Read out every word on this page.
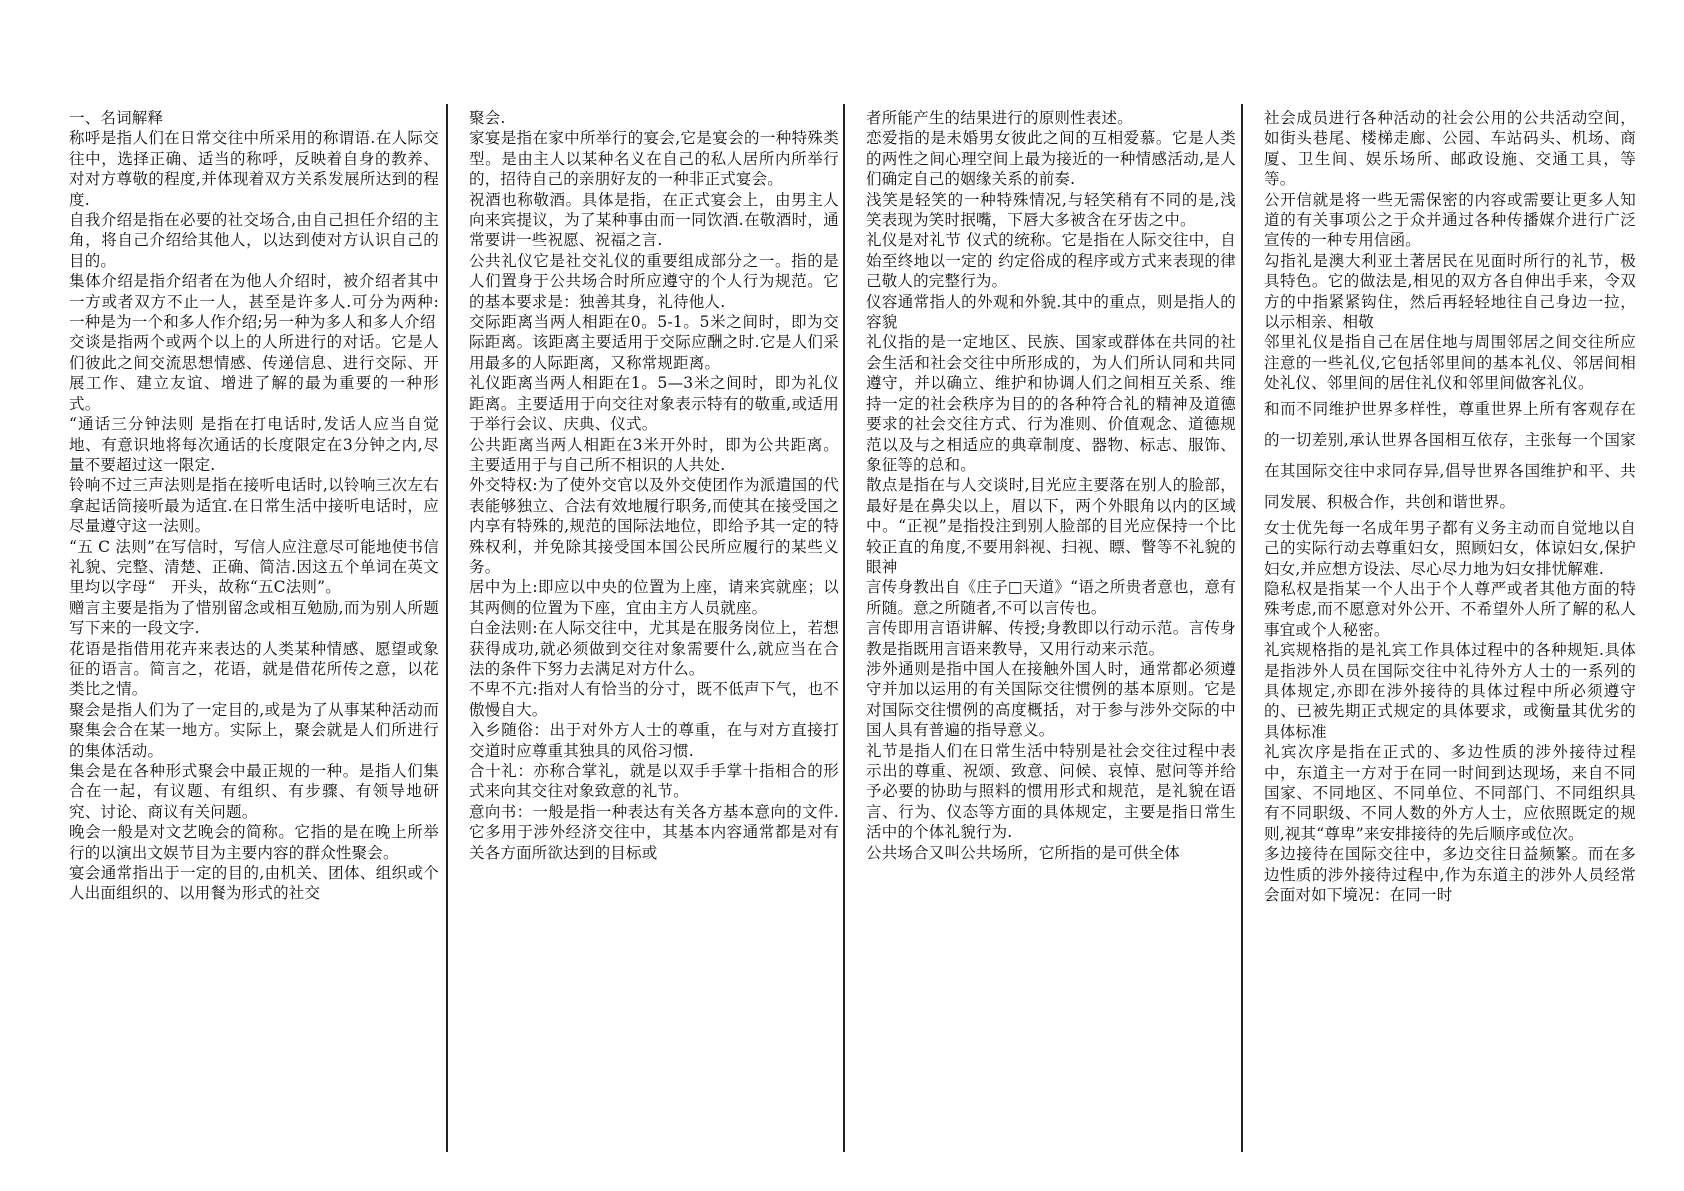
一、名词解释

称呼是指人们在日常交往中所采用的称谓语.在人际交往中，选择正确、适当的称呼，反映着自身的教养、对对方尊敬的程度,并体现着双方关系发展所达到的程度.

自我介绍是指在必要的社交场合,由自己担任介绍的主角，将自己介绍给其他人，以达到使对方认识自己的目的。

集体介绍是指介绍者在为他人介绍时，被介绍者其中一方或者双方不止一人，甚至是许多人.可分为两种:一种是为一个和多人作介绍;另一种为多人和多人介绍

交谈是指两个或两个以上的人所进行的对话。它是人们彼此之间交流思想情感、传递信息、进行交际、开展工作、建立友谊、增进了解的最为重要的一种形式。

“通话三分钟法则 是指在打电话时,发话人应当自觉地、有意识地将每次通话的长度限定在3分钟之内,尽量不要超过这一限定.

铃响不过三声法则是指在接听电话时,以铃响三次左右拿起话筒接听最为适宜.在日常生活中接听电话时，应尽量遵守这一法则。

“五 C 法则”在写信时，写信人应注意尽可能地使书信礼貌、完整、清楚、正确、简洁.因这五个单词在英文里均以字母“　开头，故称“五C法则”。

赠言主要是指为了惜别留念或相互勉励,而为别人所题写下来的一段文字.

花语是指借用花卉来表达的人类某种情感、愿望或象征的语言。简言之，花语，就是借花所传之意，以花类比之情。

聚会是指人们为了一定目的,或是为了从事某种活动而聚集会合在某一地方。实际上，聚会就是人们所进行的集体活动。

集会是在各种形式聚会中最正规的一种。是指人们集合在一起，有议题、有组织、有步骤、有领导地研究、讨论、商议有关问题。

晚会一般是对文艺晚会的简称。它指的是在晚上所举行的以演出文娱节目为主要内容的群众性聚会。

宴会通常指出于一定的目的,由机关、团体、组织或个人出面组织的、以用餐为形式的社交

聚会.

家宴是指在家中所举行的宴会,它是宴会的一种特殊类型。是由主人以某种名义在自己的私人居所内所举行的，招待自己的亲朋好友的一种非正式宴会。

祝酒也称敬酒。具体是指，在正式宴会上，由男主人向来宾提议，为了某种事由而一同饮酒.在敬酒时，通常要讲一些祝愿、祝福之言.

公共礼仪它是社交礼仪的重要组成部分之一。指的是人们置身于公共场合时所应遵守的个人行为规范。它的基本要求是：独善其身，礼待他人.

交际距离当两人相距在0。5-1。5米之间时，即为交际距离。该距离主要适用于交际应酬之时.它是人们采用最多的人际距离，又称常规距离。

礼仪距离当两人相距在1。5—3米之间时，即为礼仪距离。主要适用于向交往对象表示特有的敬重,或适用于举行会议、庆典、仪式。

公共距离当两人相距在3米开外时，即为公共距离。主要适用于与自己所不相识的人共处.

外交特权:为了使外交官以及外交使团作为派遣国的代表能够独立、合法有效地履行职务,而使其在接受国之内享有特殊的,规范的国际法地位，即给予其一定的特殊权利，并免除其接受国本国公民所应履行的某些义务。

居中为上:即应以中央的位置为上座，请来宾就座；以其两侧的位置为下座，宜由主方人员就座。

白金法则:在人际交往中，尤其是在服务岗位上，若想获得成功,就必须做到交往对象需要什么,就应当在合法的条件下努力去满足对方什么。

不卑不亢:指对人有恰当的分寸，既不低声下气，也不傲慢自大。

入乡随俗：出于对外方人士的尊重，在与对方直接打交道时应尊重其独具的风俗习惯.

合十礼：亦称合掌礼，就是以双手手掌十指相合的形式来向其交往对象致意的礼节。

意向书：一般是指一种表达有关各方基本意向的文件.它多用于涉外经济交往中，其基本内容通常都是对有关各方面所欲达到的目标或

者所能产生的结果进行的原则性表述。

恋爱指的是未婚男女彼此之间的互相爱慕。它是人类的两性之间心理空间上最为接近的一种情感活动,是人们确定自己的姻缘关系的前奏.

浅笑是轻笑的一种特殊情况,与轻笑稍有不同的是,浅笑表现为笑时抿嘴，下唇大多被含在牙齿之中。

礼仪是对礼节 仪式的统称。它是指在人际交往中，自始至终地以一定的 约定俗成的程序或方式来表现的律己敬人的完整行为。

仪容通常指人的外观和外貌.其中的重点，则是指人的容貌

礼仪指的是一定地区、民族、国家或群体在共同的社会生活和社会交往中所形成的，为人们所认同和共同遵守，并以确立、维护和协调人们之间相互关系、维持一定的社会秩序为目的的各种符合礼的精神及道德要求的社会交往方式、行为准则、价值观念、道德规范以及与之相适应的典章制度、器物、标志、服饰、象征等的总和。

散点是指在与人交谈时,目光应主要落在别人的脸部，最好是在鼻尖以上，眉以下，两个外眼角以内的区域中。“正视”是指投注到别人脸部的目光应保持一个比较正直的角度,不要用斜视、扫视、瞟、瞥等不礼貌的眼神

言传身教出自《庄子□天道》“语之所贵者意也，意有所随。意之所随者,不可以言传也。

言传即用言语讲解、传授;身教即以行动示范。言传身教是指既用言语来教导，又用行动来示范。

涉外通则是指中国人在接触外国人时，通常都必须遵守并加以运用的有关国际交往惯例的基本原则。它是对国际交往惯例的高度概括，对于参与涉外交际的中国人具有普遍的指导意义。

礼节是指人们在日常生活中特别是社会交往过程中表示出的尊重、祝颂、致意、问候、哀悼、慰问等并给予必要的协助与照料的惯用形式和规范，是礼貌在语言、行为、仪态等方面的具体规定，主要是指日常生活中的个体礼貌行为.

公共场合又叫公共场所，它所指的是可供全体

社会成员进行各种活动的社会公用的公共活动空间，如街头巷尾、楼梯走廊、公园、车站码头、机场、商厦、卫生间、娱乐场所、邮政设施、交通工具，等等。

公开信就是将一些无需保密的内容或需要让更多人知道的有关事项公之于众并通过各种传播媒介进行广泛宣传的一种专用信函。

勾指礼是澳大利亚土著居民在见面时所行的礼节，极具特色。它的做法是,相见的双方各自伸出手来，令双方的中指紧紧钩住，然后再轻轻地往自己身边一拉，以示相亲、相敬

邻里礼仪是指自己在居住地与周围邻居之间交往所应注意的一些礼仪,它包括邻里间的基本礼仪、邻居间相处礼仪、邻里间的居住礼仪和邻里间做客礼仪。

和而不同维护世界多样性，尊重世界上所有客观存在的一切差别,承认世界各国相互依存，主张每一个国家在其国际交往中求同存异,倡导世界各国维护和平、共同发展、积极合作，共创和谐世界。

女士优先每一名成年男子都有义务主动而自觉地以自己的实际行动去尊重妇女，照顾妇女，体谅妇女,保护妇女,并应想方设法、尽心尽力地为妇女排忧解难.

隐私权是指某一个人出于个人尊严或者其他方面的特殊考虑,而不愿意对外公开、不希望外人所了解的私人事宜或个人秘密。

礼宾规格指的是礼宾工作具体过程中的各种规矩.具体是指涉外人员在国际交往中礼待外方人士的一系列的具体规定,亦即在涉外接待的具体过程中所必须遵守的、已被先期正式规定的具体要求，或衡量其优劣的具体标准

礼宾次序是指在正式的、多边性质的涉外接待过程中，东道主一方对于在同一时间到达现场，来自不同国家、不同地区、不同单位、不同部门、不同组织具有不同职级、不同人数的外方人士，应依照既定的规则,视其“尊卑”来安排接待的先后顺序或位次。

多边接待在国际交往中，多边交往日益频繁。而在多边性质的涉外接待过程中,作为东道主的涉外人员经常会面对如下境况：在同一时
